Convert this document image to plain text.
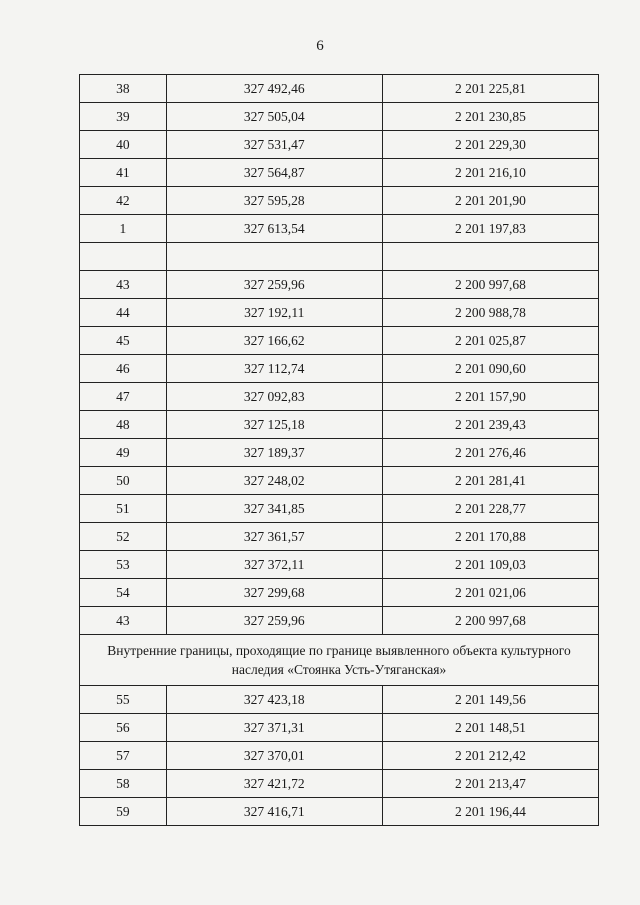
6
38	327 492,46	2 201 225,81
39	327 505,04	2 201 230,85
40	327 531,47	2 201 229,30
41	327 564,87	2 201 216,10
42	327 595,28	2 201 201,90
1	327 613,54	2 201 197,83

43	327 259,96	2 200 997,68
44	327 192,11	2 200 988,78
45	327 166,62	2 201 025,87
46	327 112,74	2 201 090,60
47	327 092,83	2 201 157,90
48	327 125,18	2 201 239,43
49	327 189,37	2 201 276,46
50	327 248,02	2 201 281,41
51	327 341,85	2 201 228,77
52	327 361,57	2 201 170,88
53	327 372,11	2 201 109,03
54	327 299,68	2 201 021,06
43	327 259,96	2 200 997,68
Внутренние границы, проходящие по границе выявленного объекта культурного наследия «Стоянка Усть-Утяганская»		
55	327 423,18	2 201 149,56
56	327 371,31	2 201 148,51
57	327 370,01	2 201 212,42
58	327 421,72	2 201 213,47
59	327 416,71	2 201 196,44
